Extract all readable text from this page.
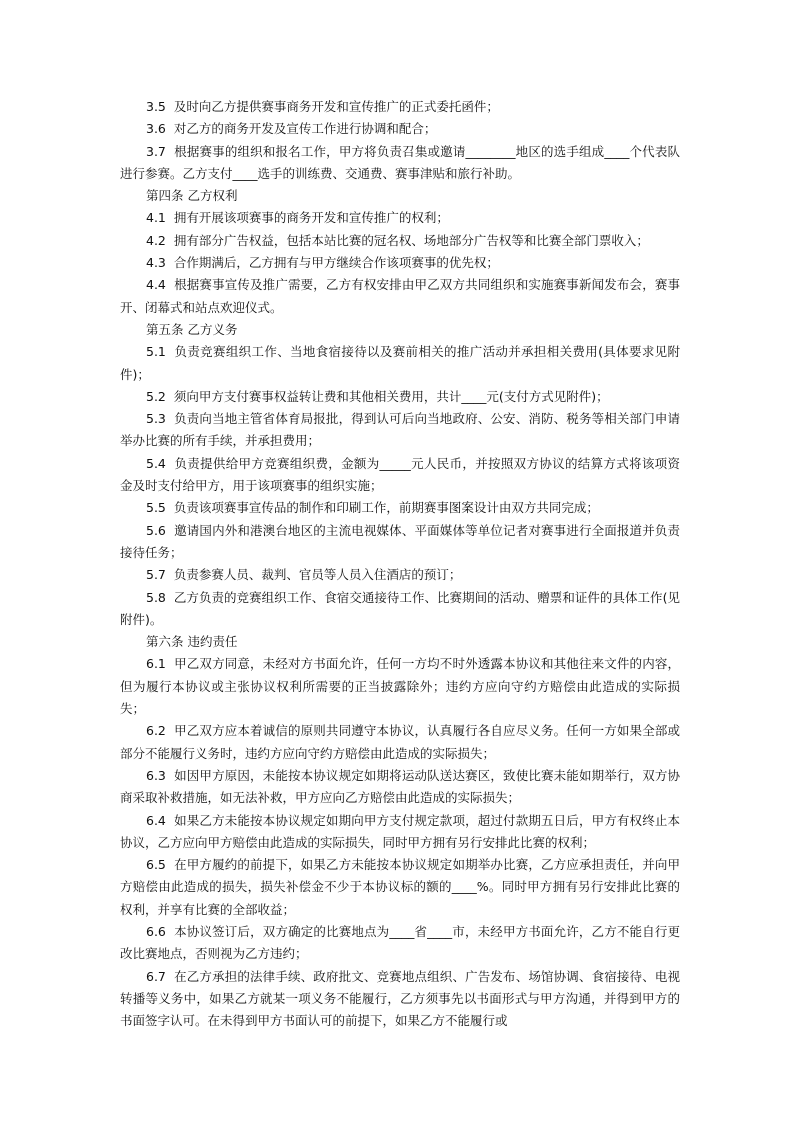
3.5  及时向乙方提供赛事商务开发和宣传推广的正式委托函件；

3.6  对乙方的商务开发及宣传工作进行协调和配合；

3.7  根据赛事的组织和报名工作，甲方将负责召集或邀请________地区的选手组成____个代表队进行参赛。乙方支付____选手的训练费、交通费、赛事津贴和旅行补助。

第四条 乙方权利

4.1  拥有开展该项赛事的商务开发和宣传推广的权利；

4.2  拥有部分广告权益，包括本站比赛的冠名权、场地部分广告权等和比赛全部门票收入；

4.3  合作期满后，乙方拥有与甲方继续合作该项赛事的优先权；

4.4  根据赛事宣传及推广需要，乙方有权安排由甲乙双方共同组织和实施赛事新闻发布会，赛事开、闭幕式和站点欢迎仪式。

第五条 乙方义务

5.1  负责竞赛组织工作、当地食宿接待以及赛前相关的推广活动并承担相关费用(具体要求见附件)；

5.2  须向甲方支付赛事权益转让费和其他相关费用，共计____元(支付方式见附件)；

5.3  负责向当地主管省体育局报批，得到认可后向当地政府、公安、消防、税务等相关部门申请举办比赛的所有手续，并承担费用；

5.4  负责提供给甲方竞赛组织费，金额为_____元人民币，并按照双方协议的结算方式将该项资金及时支付给甲方，用于该项赛事的组织实施；

5.5  负责该项赛事宣传品的制作和印刷工作，前期赛事图案设计由双方共同完成；

5.6  邀请国内外和港澳台地区的主流电视媒体、平面媒体等单位记者对赛事进行全面报道并负责接待任务；

5.7  负责参赛人员、裁判、官员等人员入住酒店的预订；

5.8  乙方负责的竞赛组织工作、食宿交通接待工作、比赛期间的活动、赠票和证件的具体工作(见附件)。

第六条 违约责任

6.1  甲乙双方同意，未经对方书面允许，任何一方均不时外透露本协议和其他往来文件的内容，但为履行本协议或主张协议权利所需要的正当披露除外；违约方应向守约方赔偿由此造成的实际损失；

6.2  甲乙双方应本着诚信的原则共同遵守本协议，认真履行各自应尽义务。任何一方如果全部或部分不能履行义务时，违约方应向守约方赔偿由此造成的实际损失；

6.3  如因甲方原因，未能按本协议规定如期将运动队送达赛区，致使比赛未能如期举行，双方协商采取补救措施，如无法补救，甲方应向乙方赔偿由此造成的实际损失；

6.4  如果乙方未能按本协议规定如期向甲方支付规定款项，超过付款期五日后，甲方有权终止本协议，乙方应向甲方赔偿由此造成的实际损失，同时甲方拥有另行安排此比赛的权利；

6.5  在甲方履约的前提下，如果乙方未能按本协议规定如期举办比赛，乙方应承担责任，并向甲方赔偿由此造成的损失，损失补偿金不少于本协议标的额的____%。同时甲方拥有另行安排此比赛的权利，并享有比赛的全部收益；

6.6  本协议签订后，双方确定的比赛地点为____省____市，未经甲方书面允许，乙方不能自行更改比赛地点，否则视为乙方违约；

6.7  在乙方承担的法律手续、政府批文、竞赛地点组织、广告发布、场馆协调、食宿接待、电视转播等义务中，如果乙方就某一项义务不能履行，乙方须事先以书面形式与甲方沟通，并得到甲方的书面签字认可。在未得到甲方书面认可的前提下，如果乙方不能履行或
